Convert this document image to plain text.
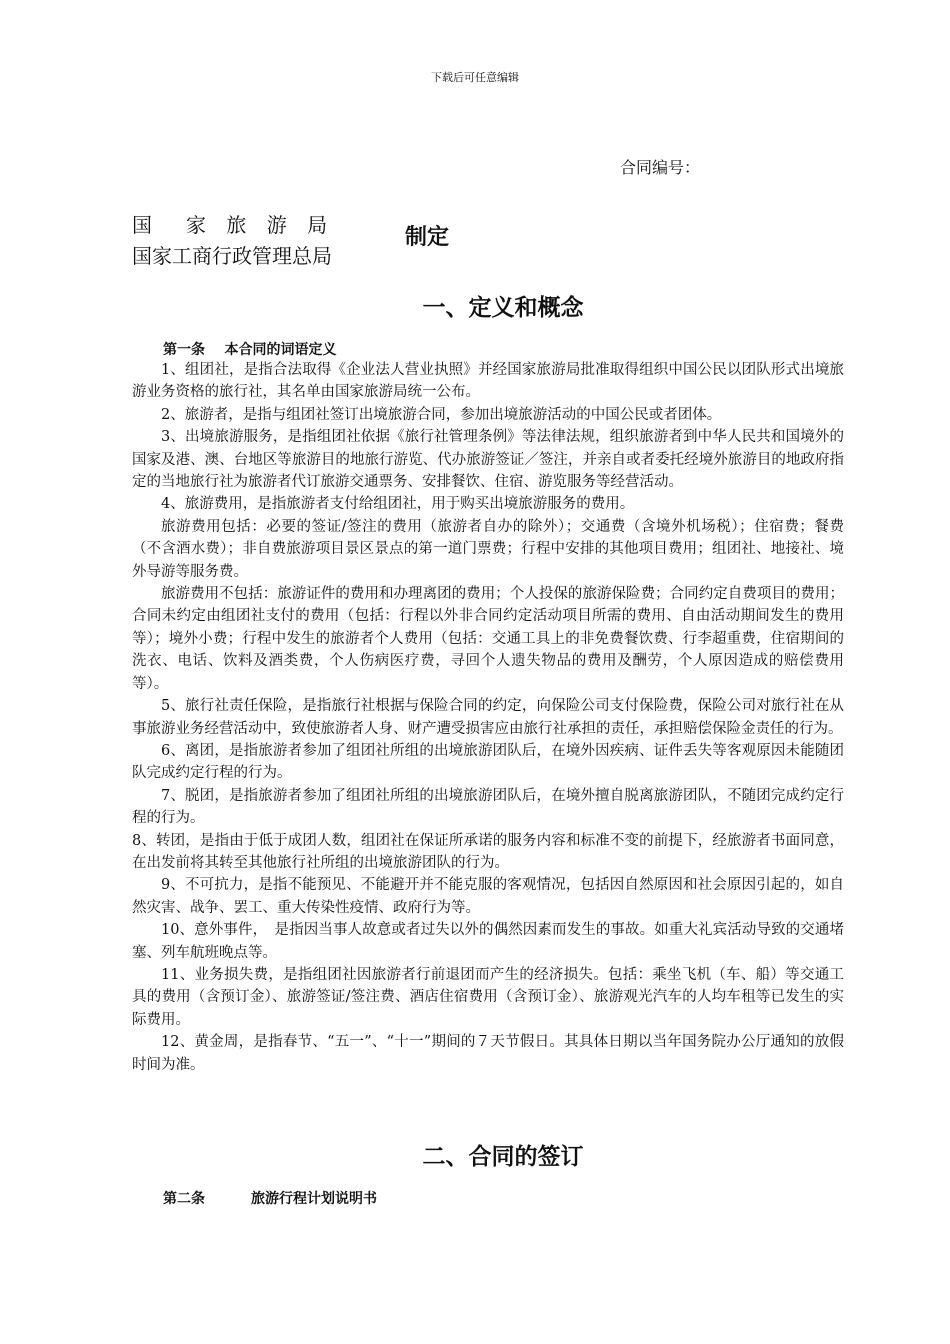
下载后可任意编辑
合同编号：
国　家 旅 游 局
国家工商行政管理总局
制定
一、定义和概念
第一条 本合同的词语定义

1、组团社，是指合法取得《企业法人营业执照》并经国家旅游局批准取得组织中国公民以团队形式出境旅游业务资格的旅行社，其名单由国家旅游局统一公布。

2、旅游者，是指与组团社签订出境旅游合同，参加出境旅游活动的中国公民或者团体。

3、出境旅游服务，是指组团社依据《旅行社管理条例》等法律法规，组织旅游者到中华人民共和国境外的国家及港、澳、台地区等旅游目的地旅行游览、代办旅游签证／签注，并亲自或者委托经境外旅游目的地政府指定的当地旅行社为旅游者代订旅游交通票务、安排餐饮、住宿、游览服务等经营活动。

4、旅游费用，是指旅游者支付给组团社，用于购买出境旅游服务的费用。

旅游费用包括：必要的签证/签注的费用（旅游者自办的除外）；交通费（含境外机场税）；住宿费；餐费（不含酒水费）；非自费旅游项目景区景点的第一道门票费；行程中安排的其他项目费用；组团社、地接社、境外导游等服务费。

旅游费用不包括：旅游证件的费用和办理离团的费用；个人投保的旅游保险费；合同约定自费项目的费用；合同未约定由组团社支付的费用（包括：行程以外非合同约定活动项目所需的费用、自由活动期间发生的费用等）；境外小费；行程中发生的旅游者个人费用（包括：交通工具上的非免费餐饮费、行李超重费，住宿期间的洗衣、电话、饮料及酒类费，个人伤病医疗费，寻回个人遗失物品的费用及酬劳，个人原因造成的赔偿费用等）。

5、旅行社责任保险，是指旅行社根据与保险合同的约定，向保险公司支付保险费，保险公司对旅行社在从事旅游业务经营活动中，致使旅游者人身、财产遭受损害应由旅行社承担的责任，承担赔偿保险金责任的行为。

6、离团，是指旅游者参加了组团社所组的出境旅游团队后，在境外因疾病、证件丢失等客观原因未能随团队完成约定行程的行为。

7、脱团，是指旅游者参加了组团社所组的出境旅游团队后，在境外擅自脱离旅游团队，不随团完成约定行程的行为。

8、转团，是指由于低于成团人数，组团社在保证所承诺的服务内容和标准不变的前提下，经旅游者书面同意，在出发前将其转至其他旅行社所组的出境旅游团队的行为。

9、不可抗力，是指不能预见、不能避开并不能克服的客观情况，包括因自然原因和社会原因引起的，如自然灾害、战争、罢工、重大传染性疫情、政府行为等。

10、意外事件，　是指因当事人故意或者过失以外的偶然因素而发生的事故。如重大礼宾活动导致的交通堵塞、列车航班晚点等。

11、业务损失费，是指组团社因旅游者行前退团而产生的经济损失。包括：乘坐飞机（车、船）等交通工具的费用（含预订金）、旅游签证/签注费、酒店住宿费用（含预订金）、旅游观光汽车的人均车租等已发生的实际费用。

12、黄金周，是指春节、“五一”、“十一”期间的７天节假日。其具体日期以当年国务院办公厅通知的放假时间为准。

二、合同的签订
第二条	旅游行程计划说明书
